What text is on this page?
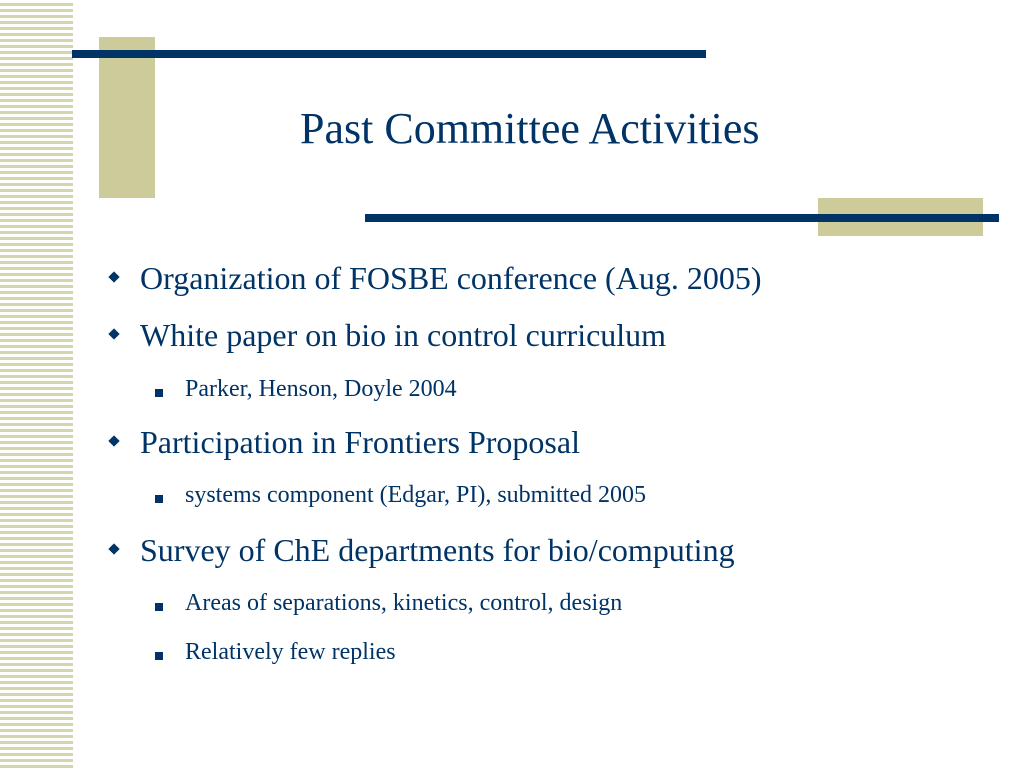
Past Committee Activities
Organization of FOSBE conference (Aug. 2005)
White paper on bio in control curriculum
Parker, Henson, Doyle 2004
Participation in Frontiers Proposal
systems component (Edgar, PI), submitted 2005
Survey of ChE departments for bio/computing
Areas of separations, kinetics, control, design
Relatively few replies
